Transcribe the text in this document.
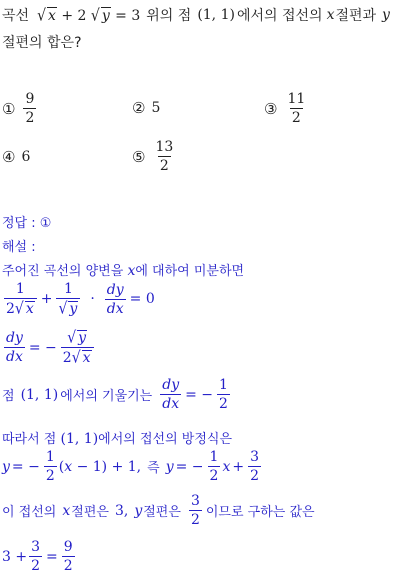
곡선 √ x + 2 √ y = 3 위의 점 (1, 1) 에서의 접선의 x 절편과 y
절편의 합은?
① $\frac{9}{2}$	② 5	③ $\frac{11}{2}$
④ 6	⑤ $\frac{13}{2}$
정답 : ①
해설 :
주어진 곡선의 양변을 x에 대하여 미분하면
$\frac{1}{2√ x} + \frac{1}{√ y} \cdot \frac{dy}{dx} = 0$
$\frac{dy}{dx}$ = − $\frac{√ y}{2√ x}$
점 (1, 1) 에서의 기울기는 $\frac{dy}{dx}$ = − $\frac{1}{2}$
따라서 점 (1, 1)에서의 접선의 방정식은
y = − $\frac{1}{2} (x - 1) + 1$, 즉 y = − $\frac{1}{2}$ $x + \frac{3}{2}$
이 접선의 x 절편은 3, y 절편은 $\frac{3}{2}$ 이므로 구하는 값은
$3 + \frac{3}{2} = \frac{9}{2}$
